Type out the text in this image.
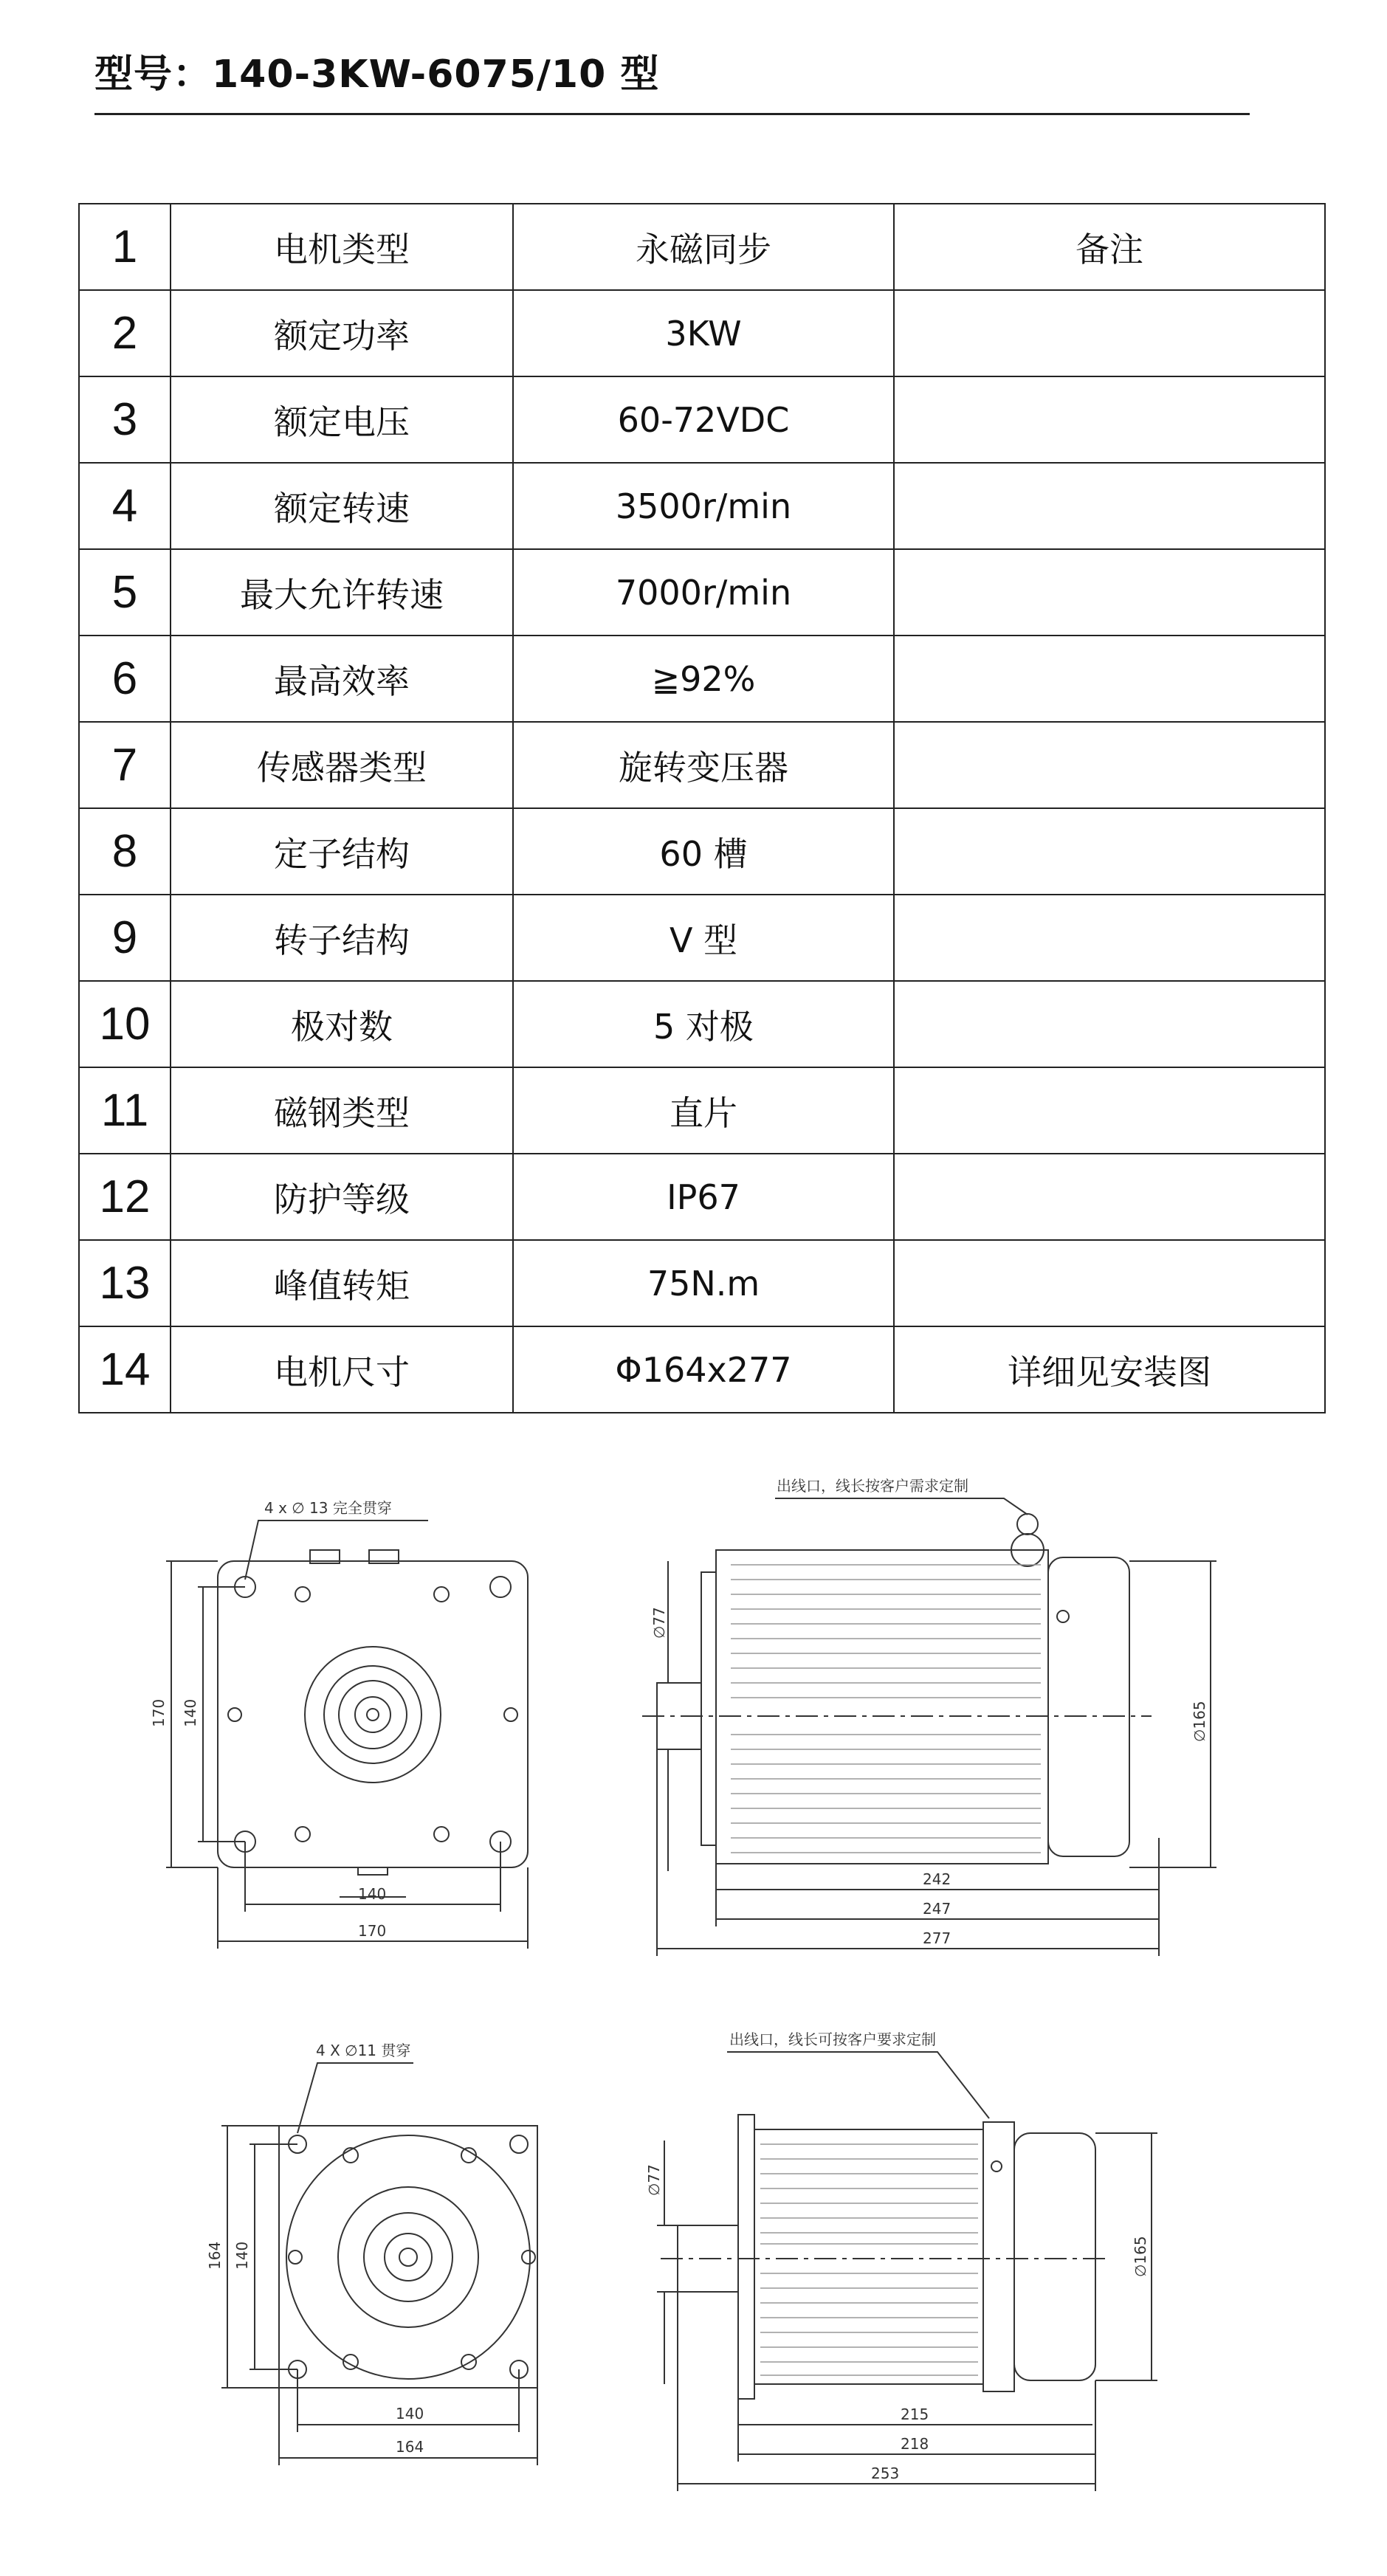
型号：140-3KW-6075/10 型
1	电机类型	永磁同步	备注
2	额定功率	3KW	
3	额定电压	60-72VDC	
4	额定转速	3500r/min	
5	最大允许转速	7000r/min	
6	最高效率	≧92%	
7	传感器类型	旋转变压器	
8	定子结构	60 槽	
9	转子结构	V 型	
10	极对数	5 对极	
11	磁钢类型	直片	
12	防护等级	IP67	
13	峰值转矩	75N.m	
14	电机尺寸	Φ164x277	详细见安装图
4 x ∅ 13 完全贯穿
出线口，线长按客户需求定制
170 140
140
170
∅77
∅165
242
247
277
4 X ∅11 贯穿
出线口，线长可按客户要求定制
164 140
140
164
∅77
∅165
215
218
253
